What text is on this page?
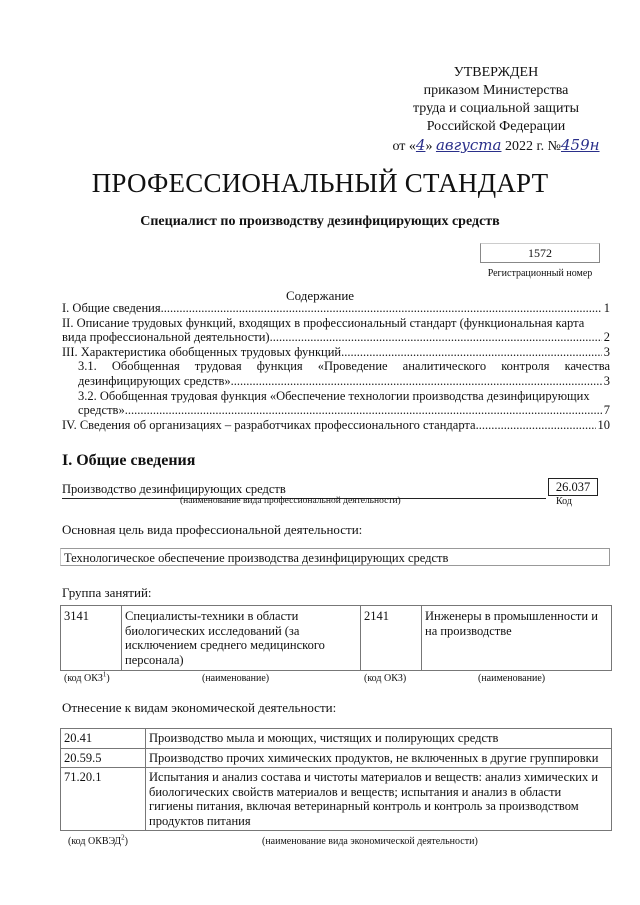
УТВЕРЖДЕН
приказом Министерства
труда и социальной защиты
Российской Федерации
от «4» августа 2022 г. №459н
ПРОФЕССИОНАЛЬНЫЙ СТАНДАРТ
Специалист по производству дезинфицирующих средств
1572
Регистрационный номер
Содержание
I. Общие сведения .....	1
II. Описание трудовых функций, входящих в профессиональный стандарт (функциональная карта
вида профессиональной деятельности) .....	2
III. Характеристика обобщенных трудовых функций .....	3
3.1. Обобщенная трудовая функция «Проведение аналитического контроля качества
дезинфицирующих средств» .....	3
3.2. Обобщенная трудовая функция «Обеспечение технологии производства дезинфицирующих
средств» .....	7
IV. Сведения об организациях – разработчиках профессионального стандарта .....	10
I. Общие сведения
Производство дезинфицирующих средств
(наименование вида профессиональной деятельности)
26.037
Код
Основная цель вида профессиональной деятельности:
Технологическое обеспечение производства дезинфицирующих средств
Группа занятий:
3141	Специалисты-техники в области биологических исследований (за исключением среднего медицинского персонала)	2141	Инженеры в промышленности и на производстве
(код ОКЗ$^1$)	(наименование)	(код ОКЗ)	(наименование)
Отнесение к видам экономической деятельности:
20.41	Производство мыла и моющих, чистящих и полирующих средств
20.59.5	Производство прочих химических продуктов, не включенных в другие группировки
71.20.1	Испытания и анализ состава и чистоты материалов и веществ: анализ химических и биологических свойств материалов и веществ; испытания и анализ в области гигиены питания, включая ветеринарный контроль и контроль за производством продуктов питания
(код ОКВЭД$^2$)	(наименование вида экономической деятельности)
